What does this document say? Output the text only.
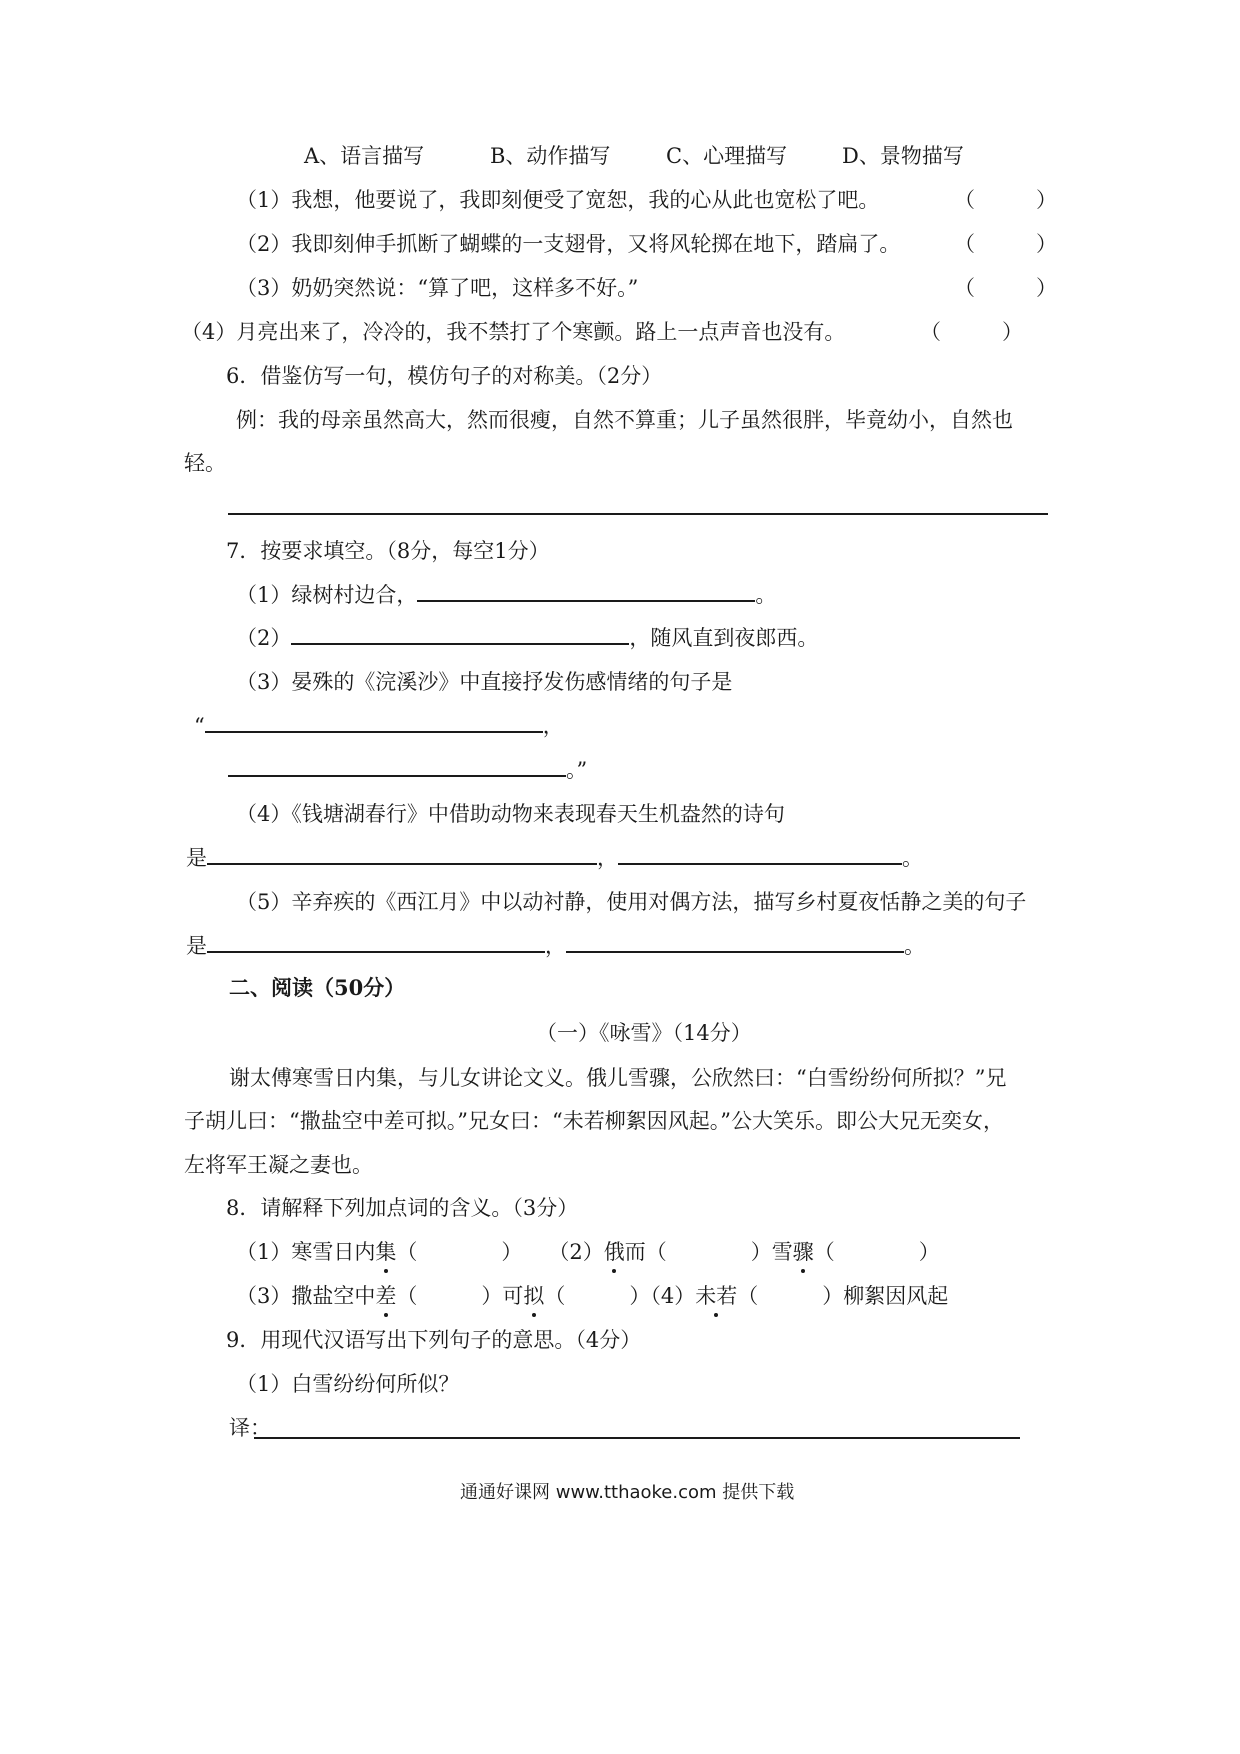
A、语言描写	B、动作描写	C、心理描写	D、景物描写
（1）我想，他要说了，我即刻便受了宽恕，我的心从此也宽松了吧。	（	）
（2）我即刻伸手抓断了蝴蝶的一支翅骨，又将风轮掷在地下，踏扁了。	（	）
（3）奶奶突然说：“算了吧，这样多不好。”	（	）
（4）月亮出来了，冷冷的，我不禁打了个寒颤。路上一点声音也没有。	（	）
6．借鉴仿写一句，模仿句子的对称美。（2分）
例：我的母亲虽然高大，然而很瘦，自然不算重；儿子虽然很胖，毕竟幼小，自然也
轻。
7．按要求填空。（8分，每空1分）
（1）绿树村边合，	。
（2）	，随风直到夜郎西。
（3）晏殊的《浣溪沙》中直接抒发伤感情绪的句子是
“	，
。”
（4）《钱塘湖春行》中借助动物来表现春天生机盎然的诗句
是	，	。
（5）辛弃疾的《西江月》中以动衬静，使用对偶方法，描写乡村夏夜恬静之美的句子
是	，	。
二、阅读（50分）
（一）《咏雪》（14分）
谢太傅寒雪日内集，与儿女讲论文义。俄儿雪骤，公欣然曰：“白雪纷纷何所拟？”兄
子胡儿曰：“撒盐空中差可拟。”兄女曰：“未若柳絮因风起。”公大笑乐。即公大兄无奕女，
左将军王凝之妻也。
8．请解释下列加点词的含义。（3分）
（1）寒雪日内集（	） （2）俄而（	）雪骤（	）
（3）撒盐空中差（	）可拟（	）（4）未若（	）柳絮因风起
9．用现代汉语写出下列句子的意思。（4分）
（1）白雪纷纷何所似？
译：
通通好课网 www.tthaoke.com 提供下载
